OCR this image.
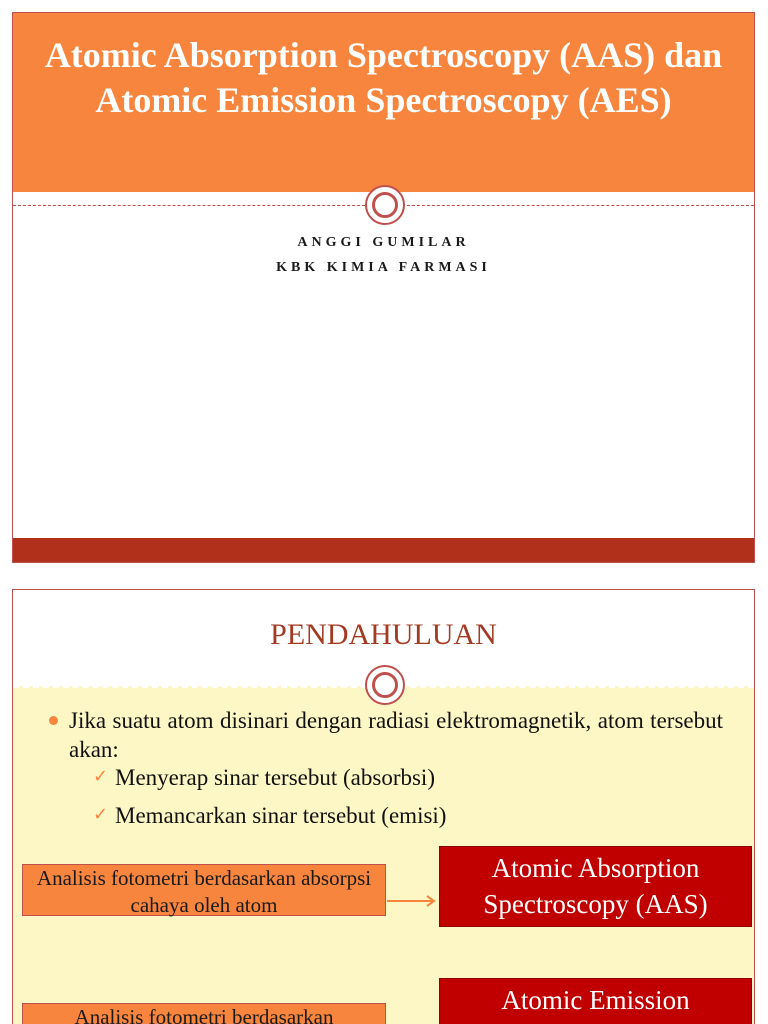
Atomic Absorption Spectroscopy (AAS) dan Atomic Emission Spectroscopy (AES)
ANGGI GUMILAR
KBK KIMIA FARMASI
PENDAHULUAN
Jika suatu atom disinari dengan radiasi elektromagnetik, atom tersebut akan:
✓ Menyerap sinar tersebut (absorbsi)
✓ Memancarkan sinar tersebut (emisi)
Analisis fotometri berdasarkan absorpsi cahaya oleh atom
Atomic Absorption Spectroscopy (AAS)
Analisis fotometri berdasarkan
Atomic Emission
